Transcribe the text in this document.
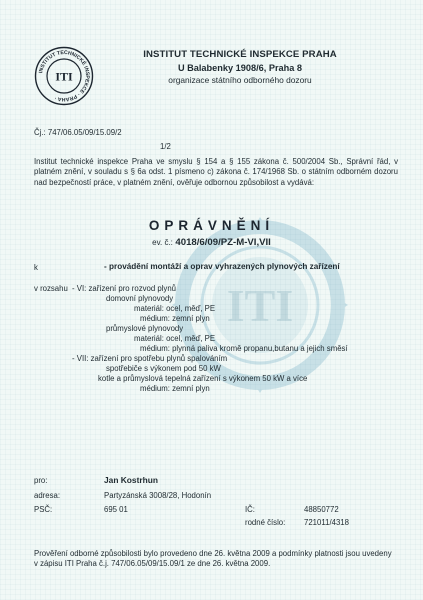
ITI
INSTITUT TECHNICKÉ INSPEKCE · PRAHA ·
ITI
INSTITUT TECHNICKÉ INSPEKCE PRAHA
U Balabenky 1908/6, Praha 8
organizace státního odborného dozoru
Čj.: 747/06.05/09/15.09/2
1/2
Institut technické inspekce Praha ve smyslu § 154 a § 155 zákona č. 500/2004 Sb., Správní řád, v platném znění, v souladu s § 6a odst. 1 písmeno c) zákona č. 174/1968 Sb. o státním odborném dozoru nad bezpečností práce, v platném znění, ověřuje odbornou způsobilost a vydává:
OPRÁVNĚNÍ
ev. č.: 4018/6/09/PZ-M-VI,VII
k	- provádění montáží a oprav vyhrazených plynových zařízení
v rozsahu - VI: zařízení pro rozvod plynů
domovní plynovody
materiál: ocel, měď, PE
médium: zemní plyn
průmyslové plynovody
materiál: ocel, měď, PE
médium: plynná paliva kromě propanu,butanu a jejich směsí
- VII: zařízení pro spotřebu plynů spalováním
spotřebiče s výkonem pod 50 kW
kotle a průmyslová tepelná zařízení s výkonem 50 kW a více
médium: zemní plyn
pro:	Jan Kostrhun
adresa:	Partyzánská 3008/28, Hodonín
PSČ:	695 01	IČ:	48850772
rodné číslo: 721011/4318
Prověření odborné způsobilosti bylo provedeno dne 26. května 2009 a podmínky platnosti jsou uvedeny v zápisu ITI Praha č.j. 747/06.05/09/15.09/1 ze dne 26. května 2009.
